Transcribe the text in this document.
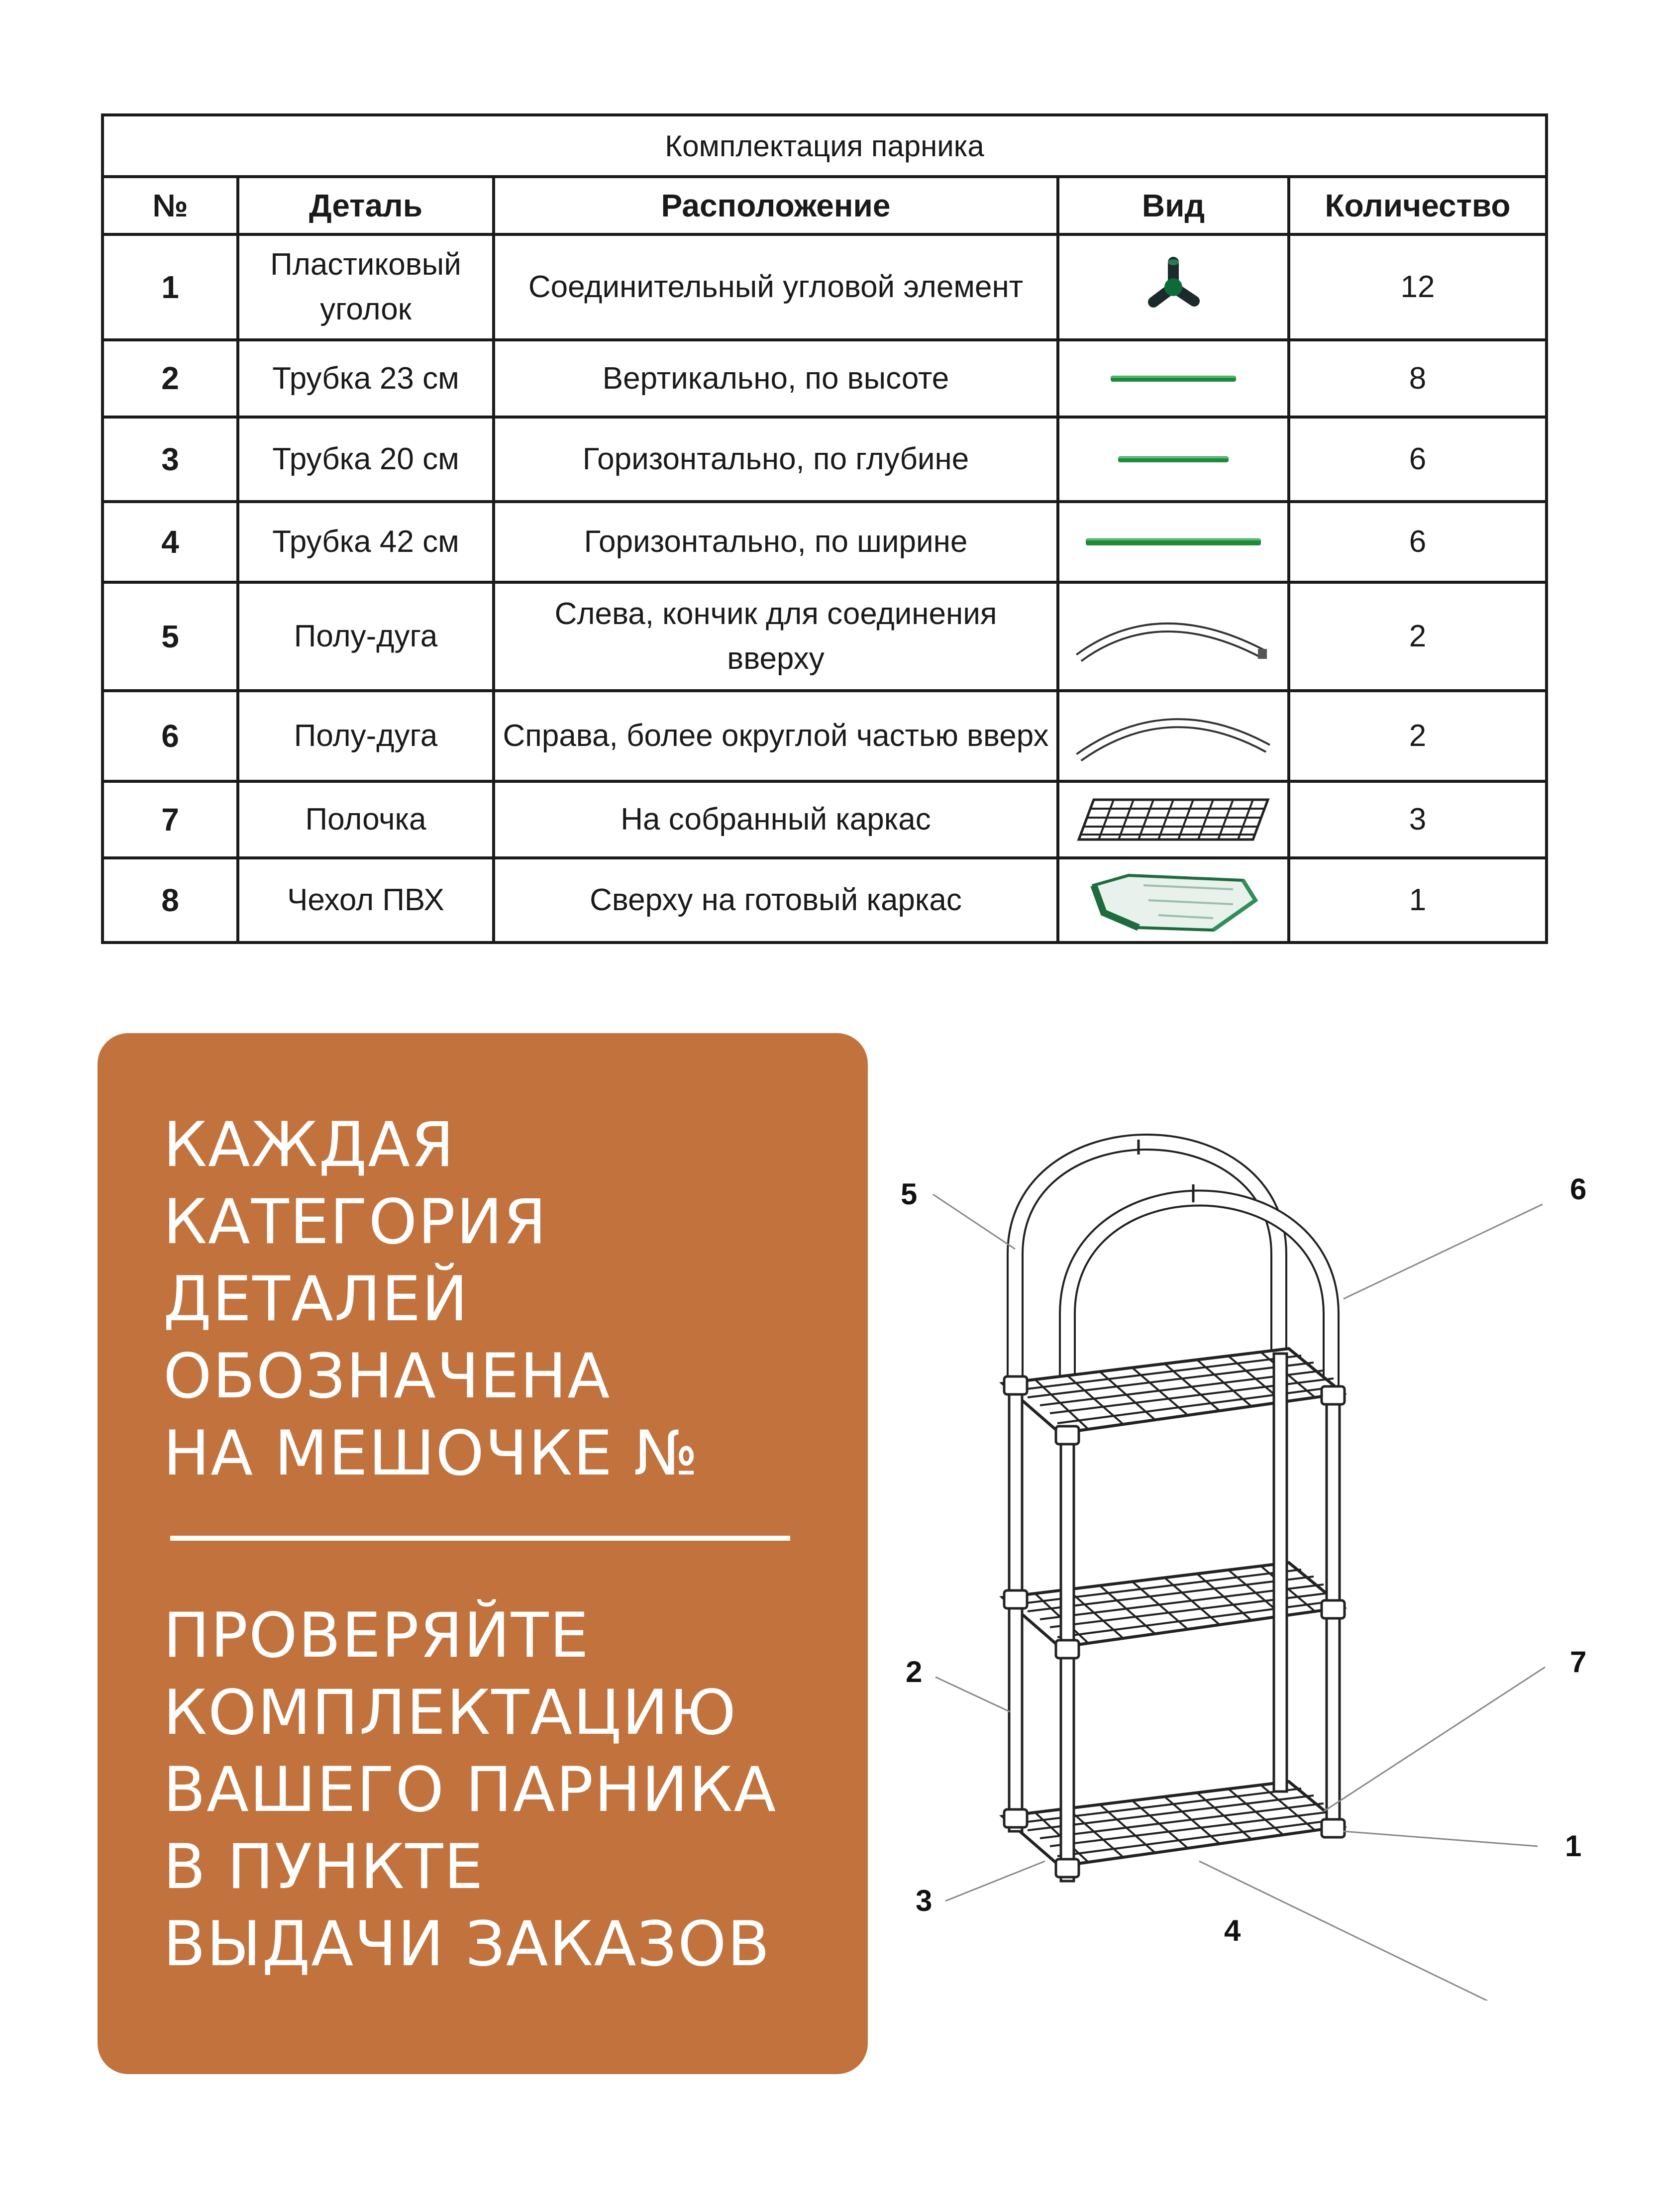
Комплектация парника				
№	Деталь	Расположение	Вид	Количество
1	Пластиковый уголок	Соединительный угловой элемент		12
2	Трубка 23 см	Вертикально, по высоте		8
3	Трубка 20 см	Горизонтально, по глубине		6
4	Трубка 42 см	Горизонтально, по ширине		6
5	Полу-дуга	Слева, кончик для соединения вверху		2
6	Полу-дуга	Справа, более округлой частью вверх		2
7	Полочка	На собранный каркас		3
8	Чехол ПВХ	Сверху на готовый каркас		1

КАЖДАЯ
КАТЕГОРИЯ
ДЕТАЛЕЙ
ОБОЗНАЧЕНА
НА МЕШОЧКЕ №

ПРОВЕРЯЙТЕ
КОМПЛЕКТАЦИЮ
ВАШЕГО ПАРНИКА
В ПУНКТЕ
ВЫДАЧИ ЗАКАЗОВ

5	6
2	7
1
3
4
